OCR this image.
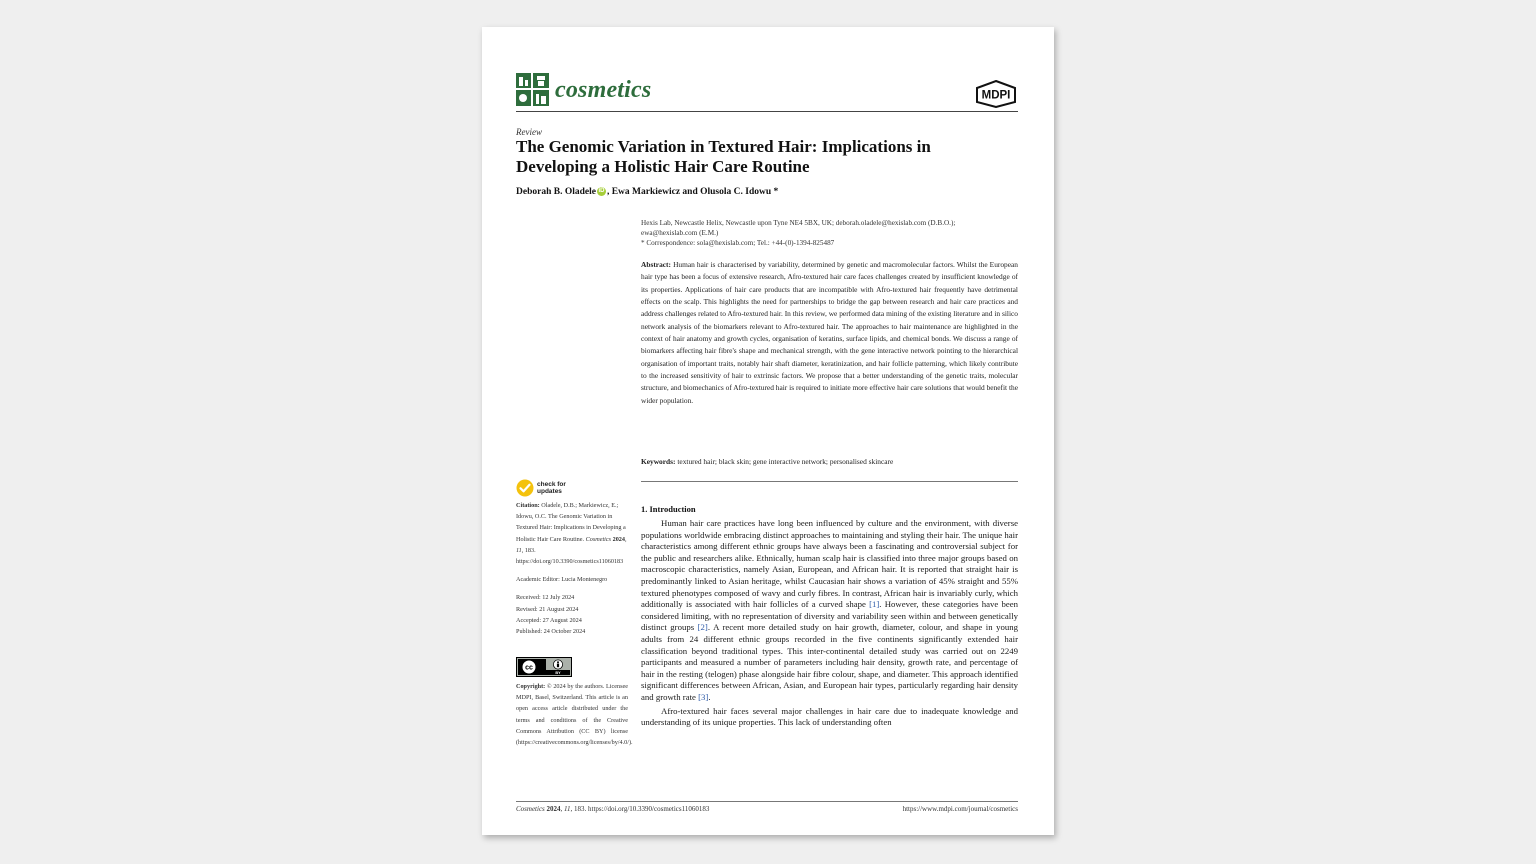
cosmetics	MDPI
Review
The Genomic Variation in Textured Hair: Implications in Developing a Holistic Hair Care Routine
Deborah B. Oladele iD , Ewa Markiewicz and Olusola C. Idowu *
Hexis Lab, Newcastle Helix, Newcastle upon Tyne NE4 5BX, UK; deborah.oladele@hexislab.com (D.B.O.);
ewa@hexislab.com (E.M.)
* Correspondence: sola@hexislab.com; Tel.: +44-(0)-1394-825487
Abstract: Human hair is characterised by variability, determined by genetic and macromolecular factors. Whilst the European hair type has been a focus of extensive research, Afro-textured hair care faces challenges created by insufficient knowledge of its properties. Applications of hair care products that are incompatible with Afro-textured hair frequently have detrimental effects on the scalp. This highlights the need for partnerships to bridge the gap between research and hair care practices and address challenges related to Afro-textured hair. In this review, we performed data mining of the existing literature and in silico network analysis of the biomarkers relevant to Afro-textured hair. The approaches to hair maintenance are highlighted in the context of hair anatomy and growth cycles, organisation of keratins, surface lipids, and chemical bonds. We discuss a range of biomarkers affecting hair fibre's shape and mechanical strength, with the gene interactive network pointing to the hierarchical organisation of important traits, notably hair shaft diameter, keratinization, and hair follicle patterning, which likely contribute to the increased sensitivity of hair to extrinsic factors. We propose that a better understanding of the genetic traits, molecular structure, and biomechanics of Afro-textured hair is required to initiate more effective hair care solutions that would benefit the wider population.
Keywords: textured hair; black skin; gene interactive network; personalised skincare
check for
updates

Citation: Oladele, D.B.; Markiewicz, E.; Idowu, O.C. The Genomic Variation in Textured Hair: Implications in Developing a Holistic Hair Care Routine. Cosmetics 2024, 11, 183. https://doi.org/10.3390/cosmetics11060183

Academic Editor: Lucia Montenegro

Received: 12 July 2024

Revised: 21 August 2024

Accepted: 27 August 2024

Published: 24 October 2024

cc
BY
Copyright: © 2024 by the authors. Licensee MDPI, Basel, Switzerland. This article is an open access article distributed under the terms and conditions of the Creative Commons Attribution (CC BY) license (https://creativecommons.org/licenses/by/4.0/).
1. Introduction

Human hair care practices have long been influenced by culture and the environment, with diverse populations worldwide embracing distinct approaches to maintaining and styling their hair. The unique hair characteristics among different ethnic groups have always been a fascinating and controversial subject for the public and researchers alike. Ethnically, human scalp hair is classified into three major groups based on macroscopic characteristics, namely Asian, European, and African hair. It is reported that straight hair is predominantly linked to Asian heritage, whilst Caucasian hair shows a variation of 45% straight and 55% textured phenotypes composed of wavy and curly fibres. In contrast, African hair is invariably curly, which additionally is associated with hair follicles of a curved shape [1]. However, these categories have been considered limiting, with no representation of diversity and variability seen within and between genetically distinct groups [2]. A recent more detailed study on hair growth, diameter, colour, and shape in young adults from 24 different ethnic groups recorded in the five continents significantly extended hair classification beyond traditional types. This inter-continental detailed study was carried out on 2249 participants and measured a number of parameters including hair density, growth rate, and percentage of hair in the resting (telogen) phase alongside hair fibre colour, shape, and diameter. This approach identified significant differences between African, Asian, and European hair types, particularly regarding hair density and growth rate [3].

Afro-textured hair faces several major challenges in hair care due to inadequate knowledge and understanding of its unique properties. This lack of understanding often

Cosmetics 2024, 11, 183. https://doi.org/10.3390/cosmetics11060183	https://www.mdpi.com/journal/cosmetics
